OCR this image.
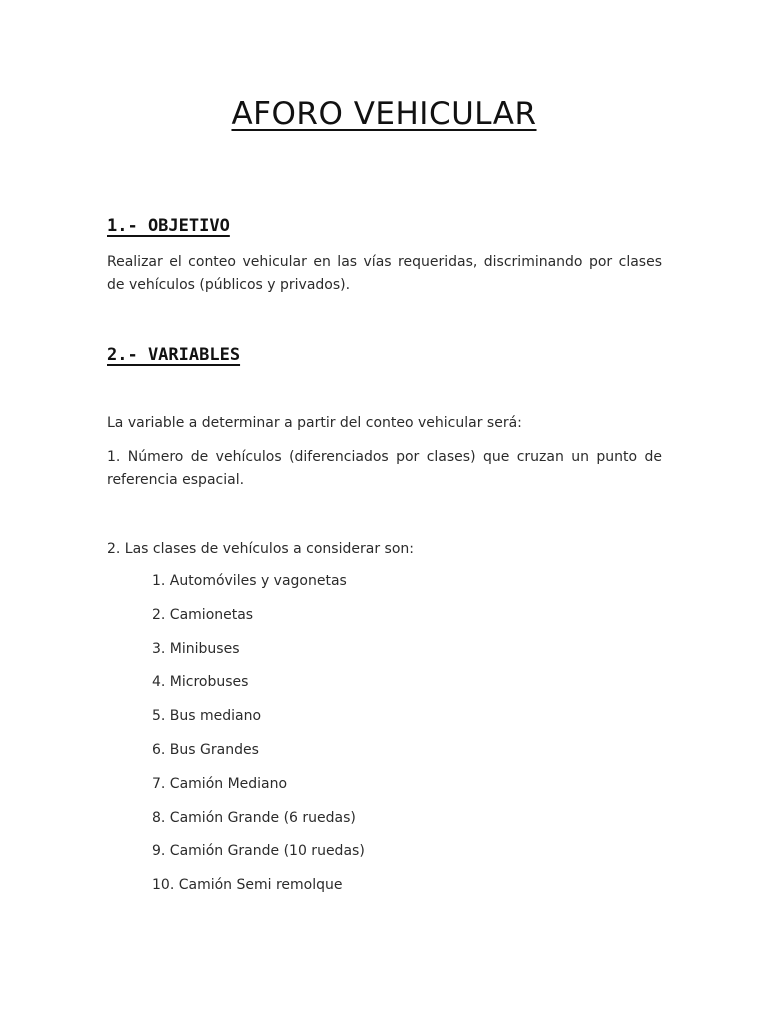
AFORO VEHICULAR
1.- OBJETIVO

Realizar el conteo vehicular en las vías requeridas, discriminando por clases de vehículos (públicos y privados).

2.- VARIABLES

La variable a determinar a partir del conteo vehicular será:

1. Número de vehículos (diferenciados por clases) que cruzan un punto de referencia espacial.

2. Las clases de vehículos a considerar son:

1. Automóviles y vagonetas
2. Camionetas
3. Minibuses
4. Microbuses
5. Bus mediano
6. Bus Grandes
7. Camión Mediano
8. Camión Grande (6 ruedas)
9. Camión Grande (10 ruedas)
10. Camión Semi remolque
